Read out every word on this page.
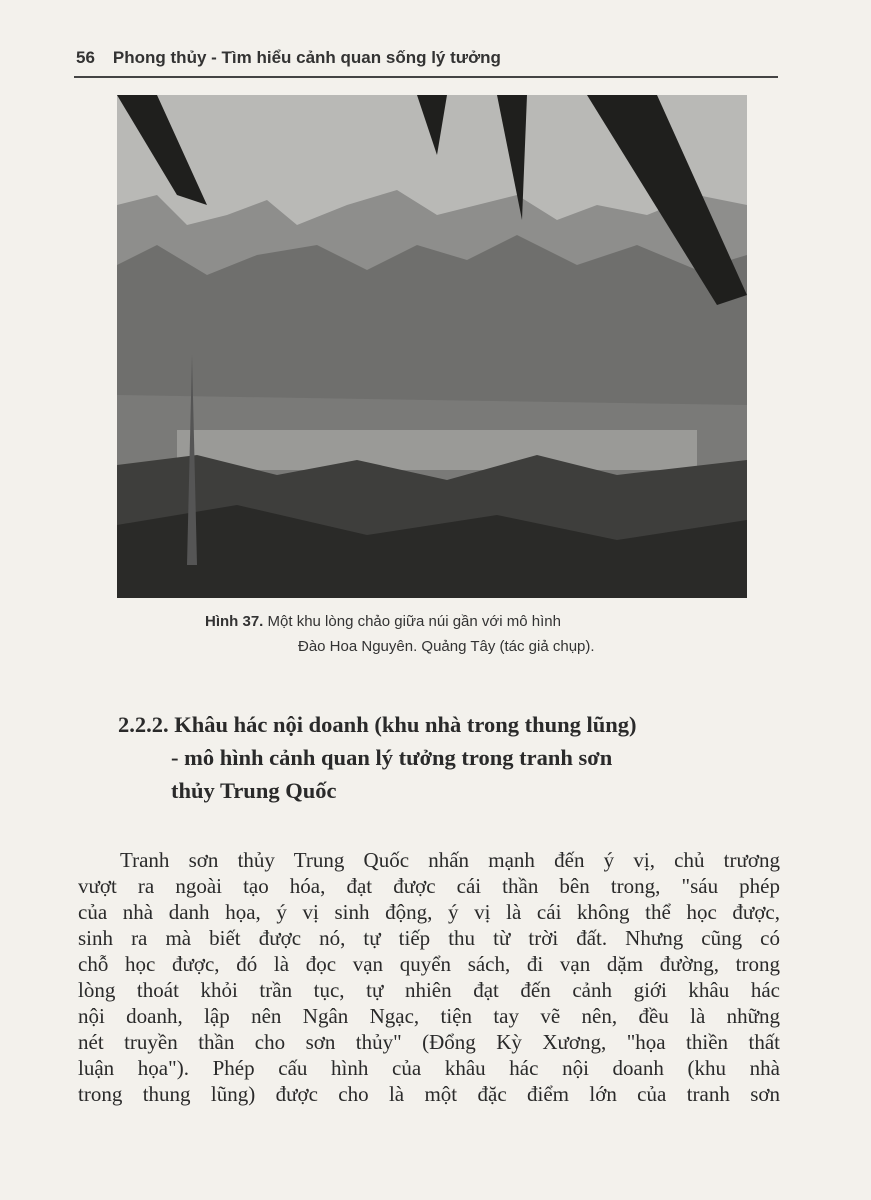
56 Phong thủy - Tìm hiểu cảnh quan sống lý tưởng
Hình 37. Một khu lòng chảo giữa núi gần với mô hình
Đào Hoa Nguyên. Quảng Tây (tác giả chụp).
2.2.2. Khâu hác nội doanh (khu nhà trong thung lũng)
- mô hình cảnh quan lý tưởng trong tranh sơn
thủy Trung Quốc
Tranh sơn thủy Trung Quốc nhấn mạnh đến ý vị, chủ trương
vượt ra ngoài tạo hóa, đạt được cái thần bên trong, "sáu phép
của nhà danh họa, ý vị sinh động, ý vị là cái không thể học được,
sinh ra mà biết được nó, tự tiếp thu từ trời đất. Nhưng cũng có
chỗ học được, đó là đọc vạn quyển sách, đi vạn dặm đường, trong
lòng thoát khỏi trần tục, tự nhiên đạt đến cảnh giới khâu hác
nội doanh, lập nên Ngân Ngạc, tiện tay vẽ nên, đều là những
nét truyền thần cho sơn thủy" (Đổng Kỳ Xương, "họa thiền thất
luận họa"). Phép cấu hình của khâu hác nội doanh (khu nhà
trong thung lũng) được cho là một đặc điểm lớn của tranh sơn
